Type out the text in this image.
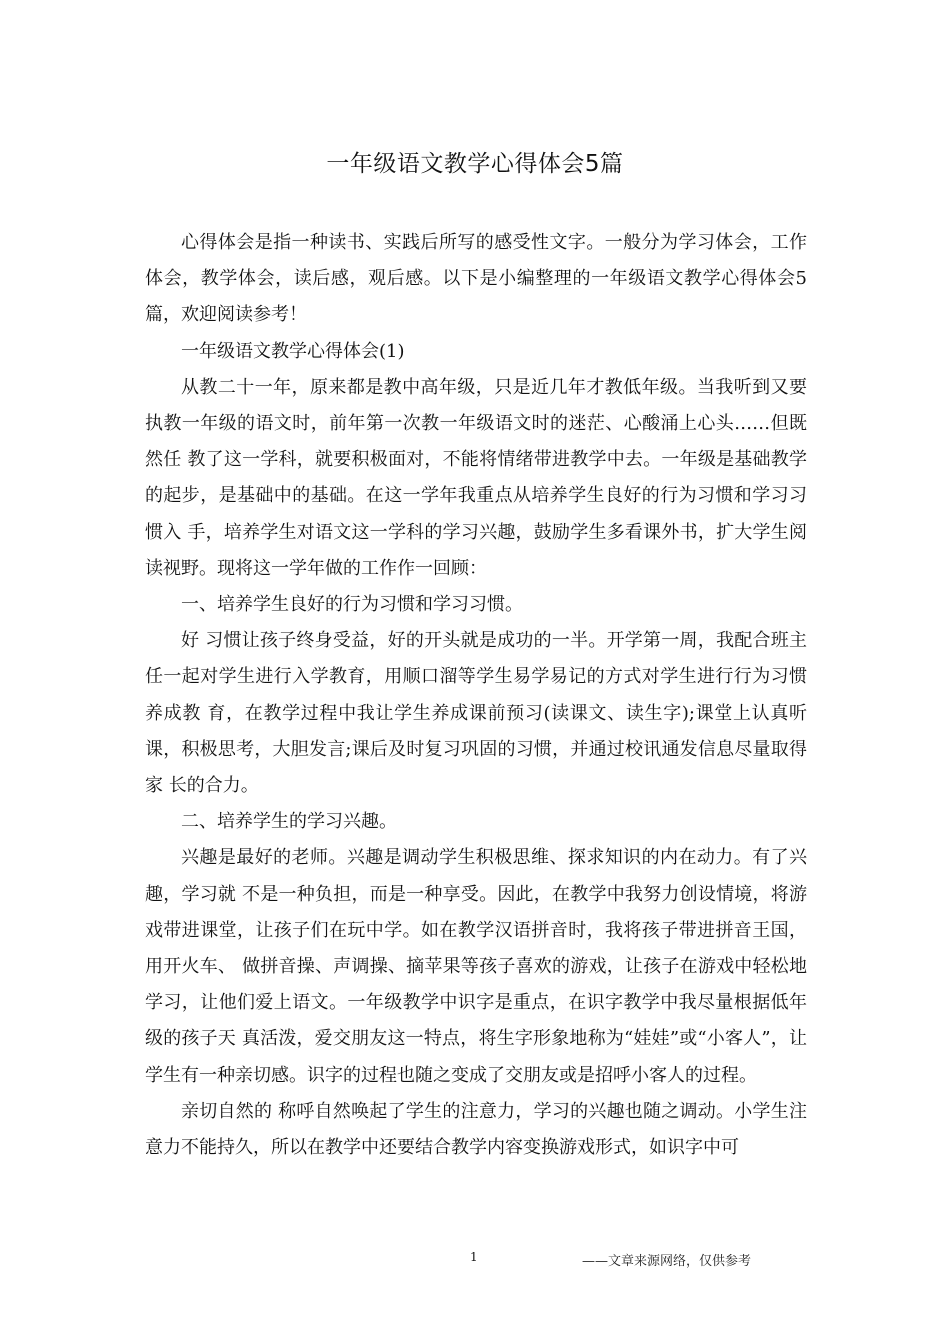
一年级语文教学心得体会5篇

心得体会是指一种读书、实践后所写的感受性文字。一般分为学习体会，工作体会，教学体会，读后感，观后感。以下是小编整理的一年级语文教学心得体会5篇，欢迎阅读参考！

一年级语文教学心得体会(1)

从教二十一年，原来都是教中高年级，只是近几年才教低年级。当我听到又要执教一年级的语文时，前年第一次教一年级语文时的迷茫、心酸涌上心头……但既然任 教了这一学科，就要积极面对，不能将情绪带进教学中去。一年级是基础教学的起步，是基础中的基础。在这一学年我重点从培养学生良好的行为习惯和学习习惯入 手，培养学生对语文这一学科的学习兴趣，鼓励学生多看课外书，扩大学生阅读视野。现将这一学年做的工作作一回顾：

一、培养学生良好的行为习惯和学习习惯。

好 习惯让孩子终身受益，好的开头就是成功的一半。开学第一周，我配合班主任一起对学生进行入学教育，用顺口溜等学生易学易记的方式对学生进行行为习惯养成教 育，在教学过程中我让学生养成课前预习(读课文、读生字);课堂上认真听课，积极思考，大胆发言;课后及时复习巩固的习惯，并通过校讯通发信息尽量取得家 长的合力。

二、培养学生的学习兴趣。

兴趣是最好的老师。兴趣是调动学生积极思维、探求知识的内在动力。有了兴趣，学习就 不是一种负担，而是一种享受。因此，在教学中我努力创设情境，将游戏带进课堂，让孩子们在玩中学。如在教学汉语拼音时，我将孩子带进拼音王国，用开火车、 做拼音操、声调操、摘苹果等孩子喜欢的游戏，让孩子在游戏中轻松地学习，让他们爱上语文。一年级教学中识字是重点，在识字教学中我尽量根据低年级的孩子天 真活泼，爱交朋友这一特点，将生字形象地称为“娃娃”或“小客人”，让学生有一种亲切感。识字的过程也随之变成了交朋友或是招呼小客人的过程。

亲切自然的 称呼自然唤起了学生的注意力，学习的兴趣也随之调动。小学生注意力不能持久，所以在教学中还要结合教学内容变换游戏形式，如识字中可

1	——文章来源网络，仅供参考
